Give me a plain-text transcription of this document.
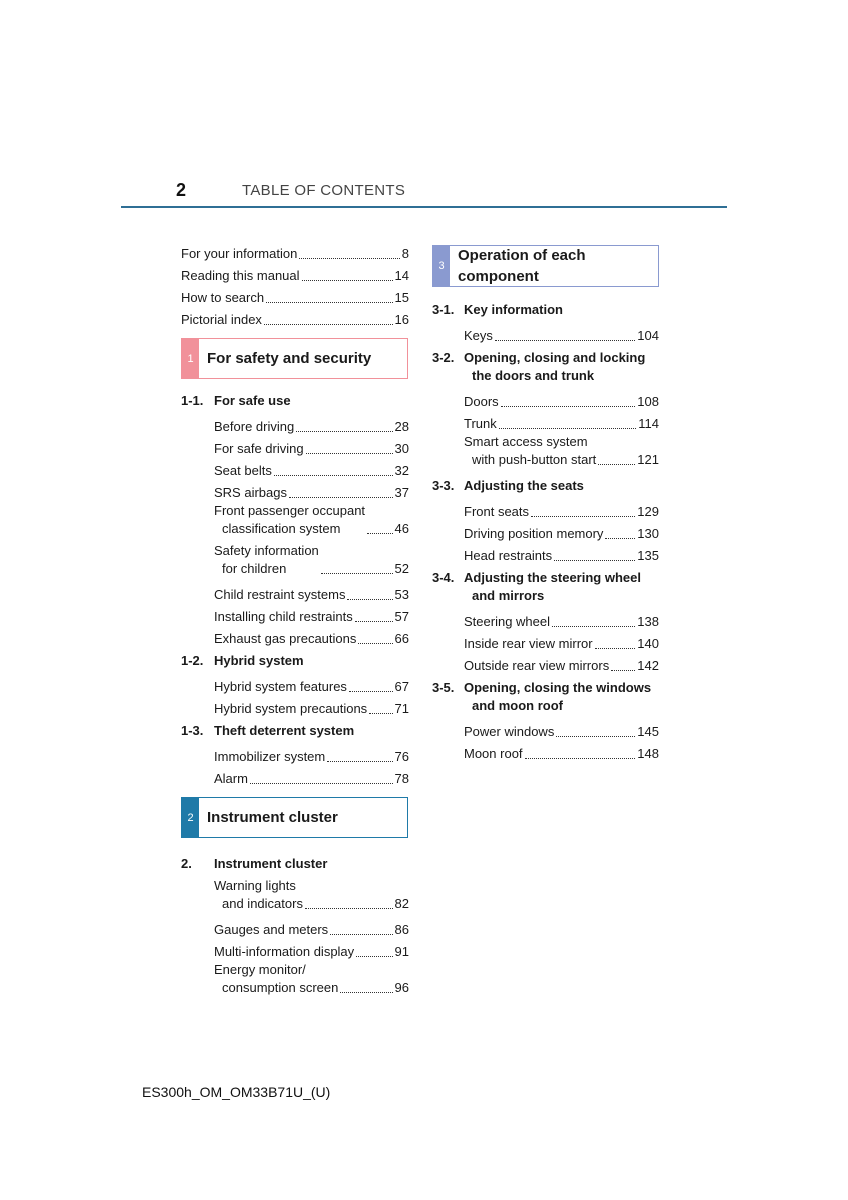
2	TABLE OF CONTENTS
For your information	8
Reading this manual	14
How to search	15
Pictorial index	16
1 For safety and security
1-1. For safe use
Before driving	28
For safe driving	30
Seat belts	32
SRS airbags	37
Front passenger occupant
classification system	46
Safety information
for children	52
Child restraint systems	53
Installing child restraints	57
Exhaust gas precautions	66
1-2. Hybrid system
Hybrid system features	67
Hybrid system precautions 71
1-3. Theft deterrent system
Immobilizer system	76
Alarm	78
2 Instrument cluster
2.	Instrument cluster
Warning lights
and indicators	82
Gauges and meters	86
Multi-information display	91
Energy monitor/
consumption screen	96
3
Operation of each
component
3-1. Key information
Keys	104
3-2. Opening, closing and locking
the doors and trunk
Doors	108
Trunk	114
Smart access system
with push-button start	121
3-3. Adjusting the seats
Front seats	129
Driving position memory	130
Head restraints	135
3-4. Adjusting the steering wheel
and mirrors
Steering wheel	138
Inside rear view mirror	140
Outside rear view mirrors 142
3-5. Opening, closing the windows
and moon roof
Power windows	145
Moon roof	148
ES300h_OM_OM33B71U_(U)
